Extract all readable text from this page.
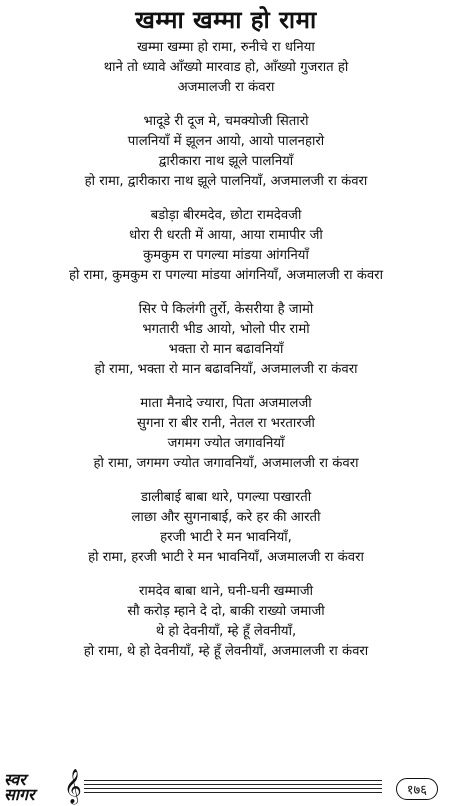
खम्मा खम्मा हो रामा
खम्मा खम्मा हो रामा, रुनीचे रा धनिया
थाने तो ध्यावे आँख्यो मारवाड हो, आँख्यो गुजरात हो
अजमालजी रा कंवरा
भादूडे री दूज मे, चमक्योजी सितारो
पालनियाँ में झूलन आयो, आयो पालनहारो
द्वारीकारा नाथ झूले पालनियाँ
हो रामा, द्वारीकारा नाथ झूले पालनियाँ, अजमालजी रा कंवरा
बडोड़ा बीरमदेव, छोटा रामदेवजी
धोरा री धरती में आया, आया रामापीर जी
कुमकुम रा पगल्या मांडया आंगनियाँ
हो रामा, कुमकुम रा पगल्या मांडया आंगनियाँ, अजमालजी रा कंवरा
सिर पे किलंगी तुर्रो, केसरीया है जामो
भगतारी भीड आयो, भोलो पीर रामो
भक्ता रो मान बढावनियाँ
हो रामा, भक्ता रो मान बढावनियाँ, अजमालजी रा कंवरा
माता मैनादे ज्यारा, पिता अजमालजी
सुगना रा बीर रानी, नेतल रा भरतारजी
जगमग ज्योत जगावनियाँ
हो रामा, जगमग ज्योत जगावनियाँ, अजमालजी रा कंवरा
डालीबाई बाबा थारे, पगल्या पखारती
लाछा और सुगनाबाई, करे हर की आरती
हरजी भाटी रे मन भावनियाँ,
हो रामा, हरजी भाटी रे मन भावनियाँ, अजमालजी रा कंवरा
रामदेव बाबा थाने, घनी-घनी खम्माजी
सौ करोड़ म्हाने दे दो, बाकी राख्यो जमाजी
थे हो देवनीयाँ, म्हे हूँ लेवनीयाँ,
हो रामा, थे हो देवनीयाँ, म्हे हूँ लेवनीयाँ, अजमालजी रा कंवरा
स्वर
सागर 𝄞	१७६
